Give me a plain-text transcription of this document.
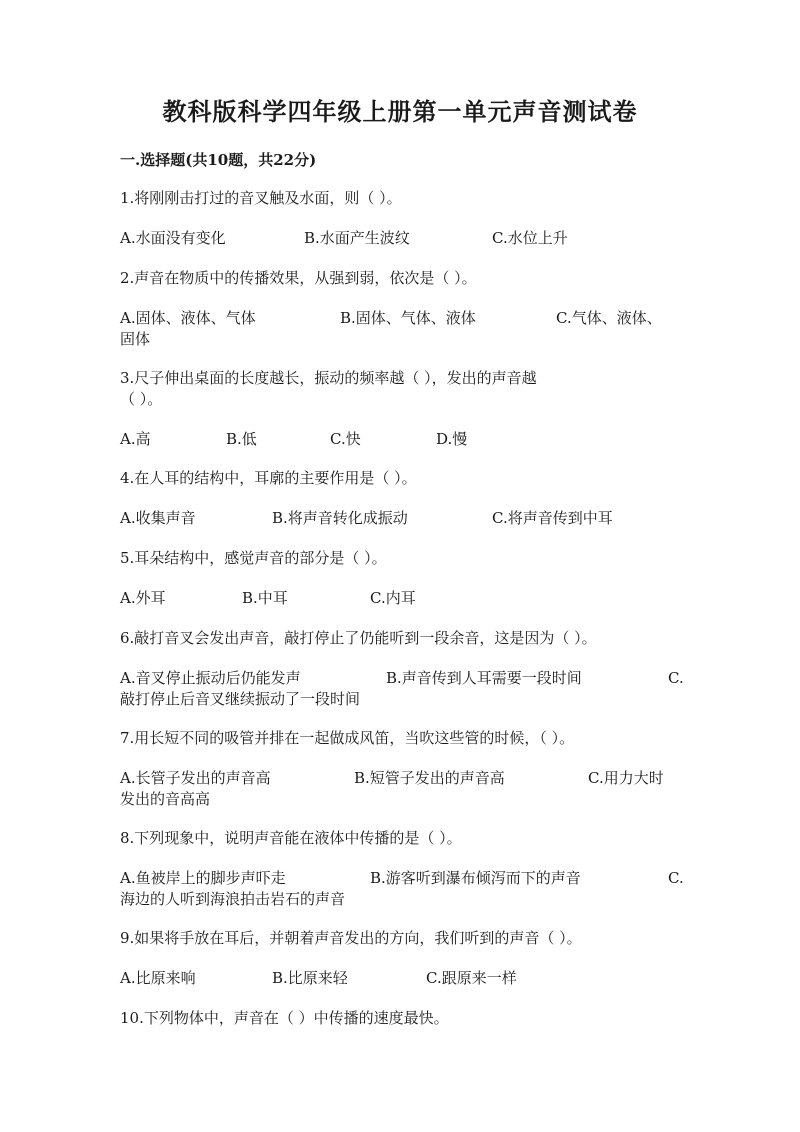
教科版科学四年级上册第一单元声音测试卷
一.选择题(共10题，共22分)
1.将刚刚击打过的音叉触及水面，则（ ）。
A.水面没有变化	B.水面产生波纹	C.水位上升
2.声音在物质中的传播效果，从强到弱，依次是（ ）。
A.固体、液体、气体	B.固体、气体、液体	C.气体、液体、
固体
3.尺子伸出桌面的长度越长，振动的频率越（ ），发出的声音越
（ ）。
A.高	B.低	C.快	D.慢
4.在人耳的结构中，耳廓的主要作用是（ ）。
A.收集声音	B.将声音转化成振动	C.将声音传到中耳
5.耳朵结构中，感觉声音的部分是（ ）。
A.外耳	B.中耳	C.内耳
6.敲打音叉会发出声音，敲打停止了仍能听到一段余音，这是因为（ ）。
A.音叉停止振动后仍能发声	B.声音传到人耳需要一段时间	C.
敲打停止后音叉继续振动了一段时间
7.用长短不同的吸管并排在一起做成风笛，当吹这些管的时候，（ ）。
A.长管子发出的声音高	B.短管子发出的声音高	C.用力大时
发出的音高高
8.下列现象中，说明声音能在液体中传播的是（ ）。
A.鱼被岸上的脚步声吓走	B.游客听到瀑布倾泻而下的声音	C.
海边的人听到海浪拍击岩石的声音
9.如果将手放在耳后，并朝着声音发出的方向，我们听到的声音（ ）。
A.比原来响	B.比原来轻	C.跟原来一样
10.下列物体中，声音在（ ）中传播的速度最快。
